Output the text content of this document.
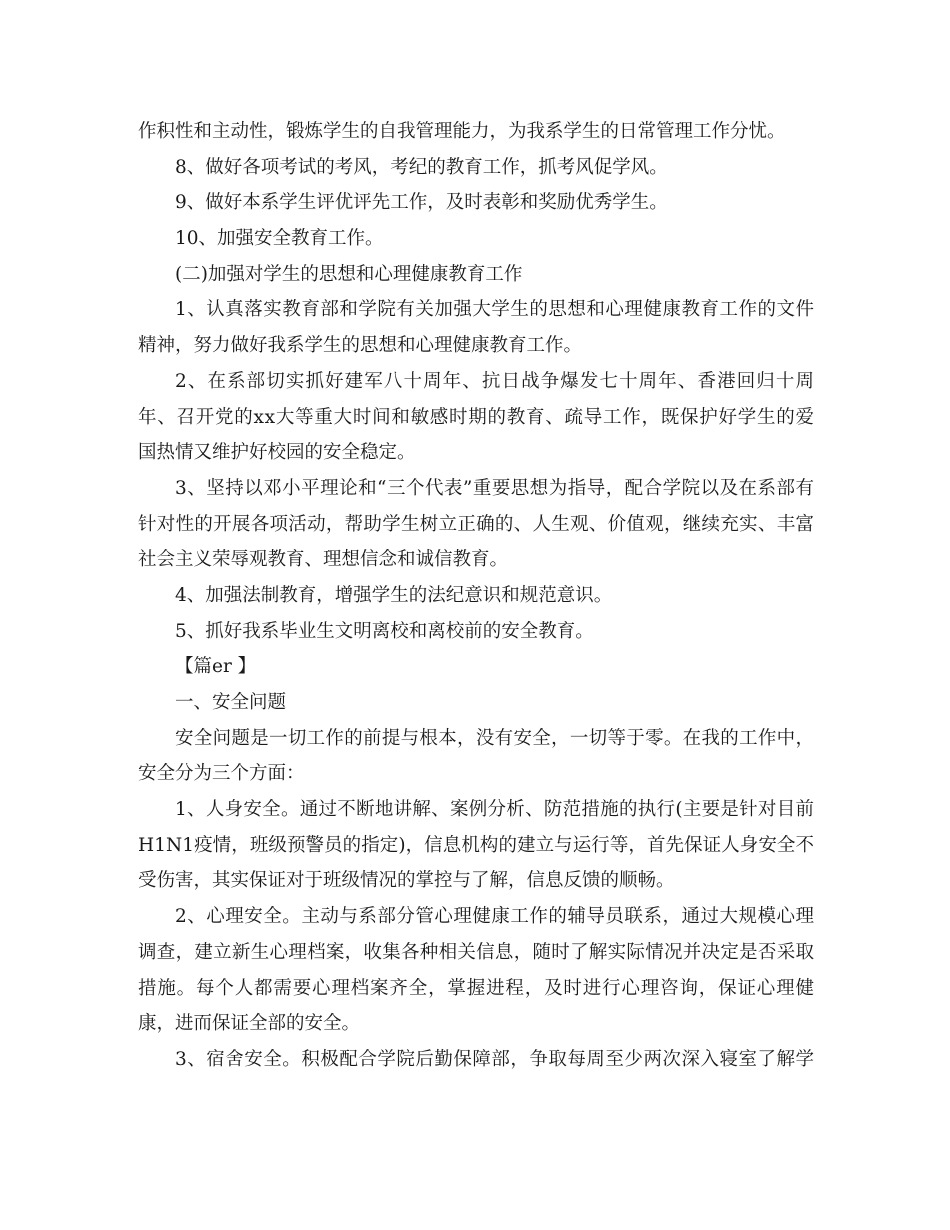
作积性和主动性，锻炼学生的自我管理能力，为我系学生的日常管理工作分忧。
8、做好各项考试的考风，考纪的教育工作，抓考风促学风。
9、做好本系学生评优评先工作，及时表彰和奖励优秀学生。
10、加强安全教育工作。
(二)加强对学生的思想和心理健康教育工作
1、认真落实教育部和学院有关加强大学生的思想和心理健康教育工作的文件
精神，努力做好我系学生的思想和心理健康教育工作。
2、在系部切实抓好建军八十周年、抗日战争爆发七十周年、香港回归十周
年、召开党的xx大等重大时间和敏感时期的教育、疏导工作，既保护好学生的爱
国热情又维护好校园的安全稳定。
3、坚持以邓小平理论和“三个代表”重要思想为指导，配合学院以及在系部有
针对性的开展各项活动，帮助学生树立正确的、人生观、价值观，继续充实、丰富
社会主义荣辱观教育、理想信念和诚信教育。
4、加强法制教育，增强学生的法纪意识和规范意识。
5、抓好我系毕业生文明离校和离校前的安全教育。
【篇er 】
一、安全问题
安全问题是一切工作的前提与根本，没有安全，一切等于零。在我的工作中，
安全分为三个方面：
1、人身安全。通过不断地讲解、案例分析、防范措施的执行(主要是针对目前
H1N1疫情，班级预警员的指定)，信息机构的建立与运行等，首先保证人身安全不
受伤害，其实保证对于班级情况的掌控与了解，信息反馈的顺畅。
2、心理安全。主动与系部分管心理健康工作的辅导员联系，通过大规模心理
调查，建立新生心理档案，收集各种相关信息，随时了解实际情况并决定是否采取
措施。每个人都需要心理档案齐全，掌握进程，及时进行心理咨询，保证心理健
康，进而保证全部的安全。
3、宿舍安全。积极配合学院后勤保障部，争取每周至少两次深入寝室了解学
